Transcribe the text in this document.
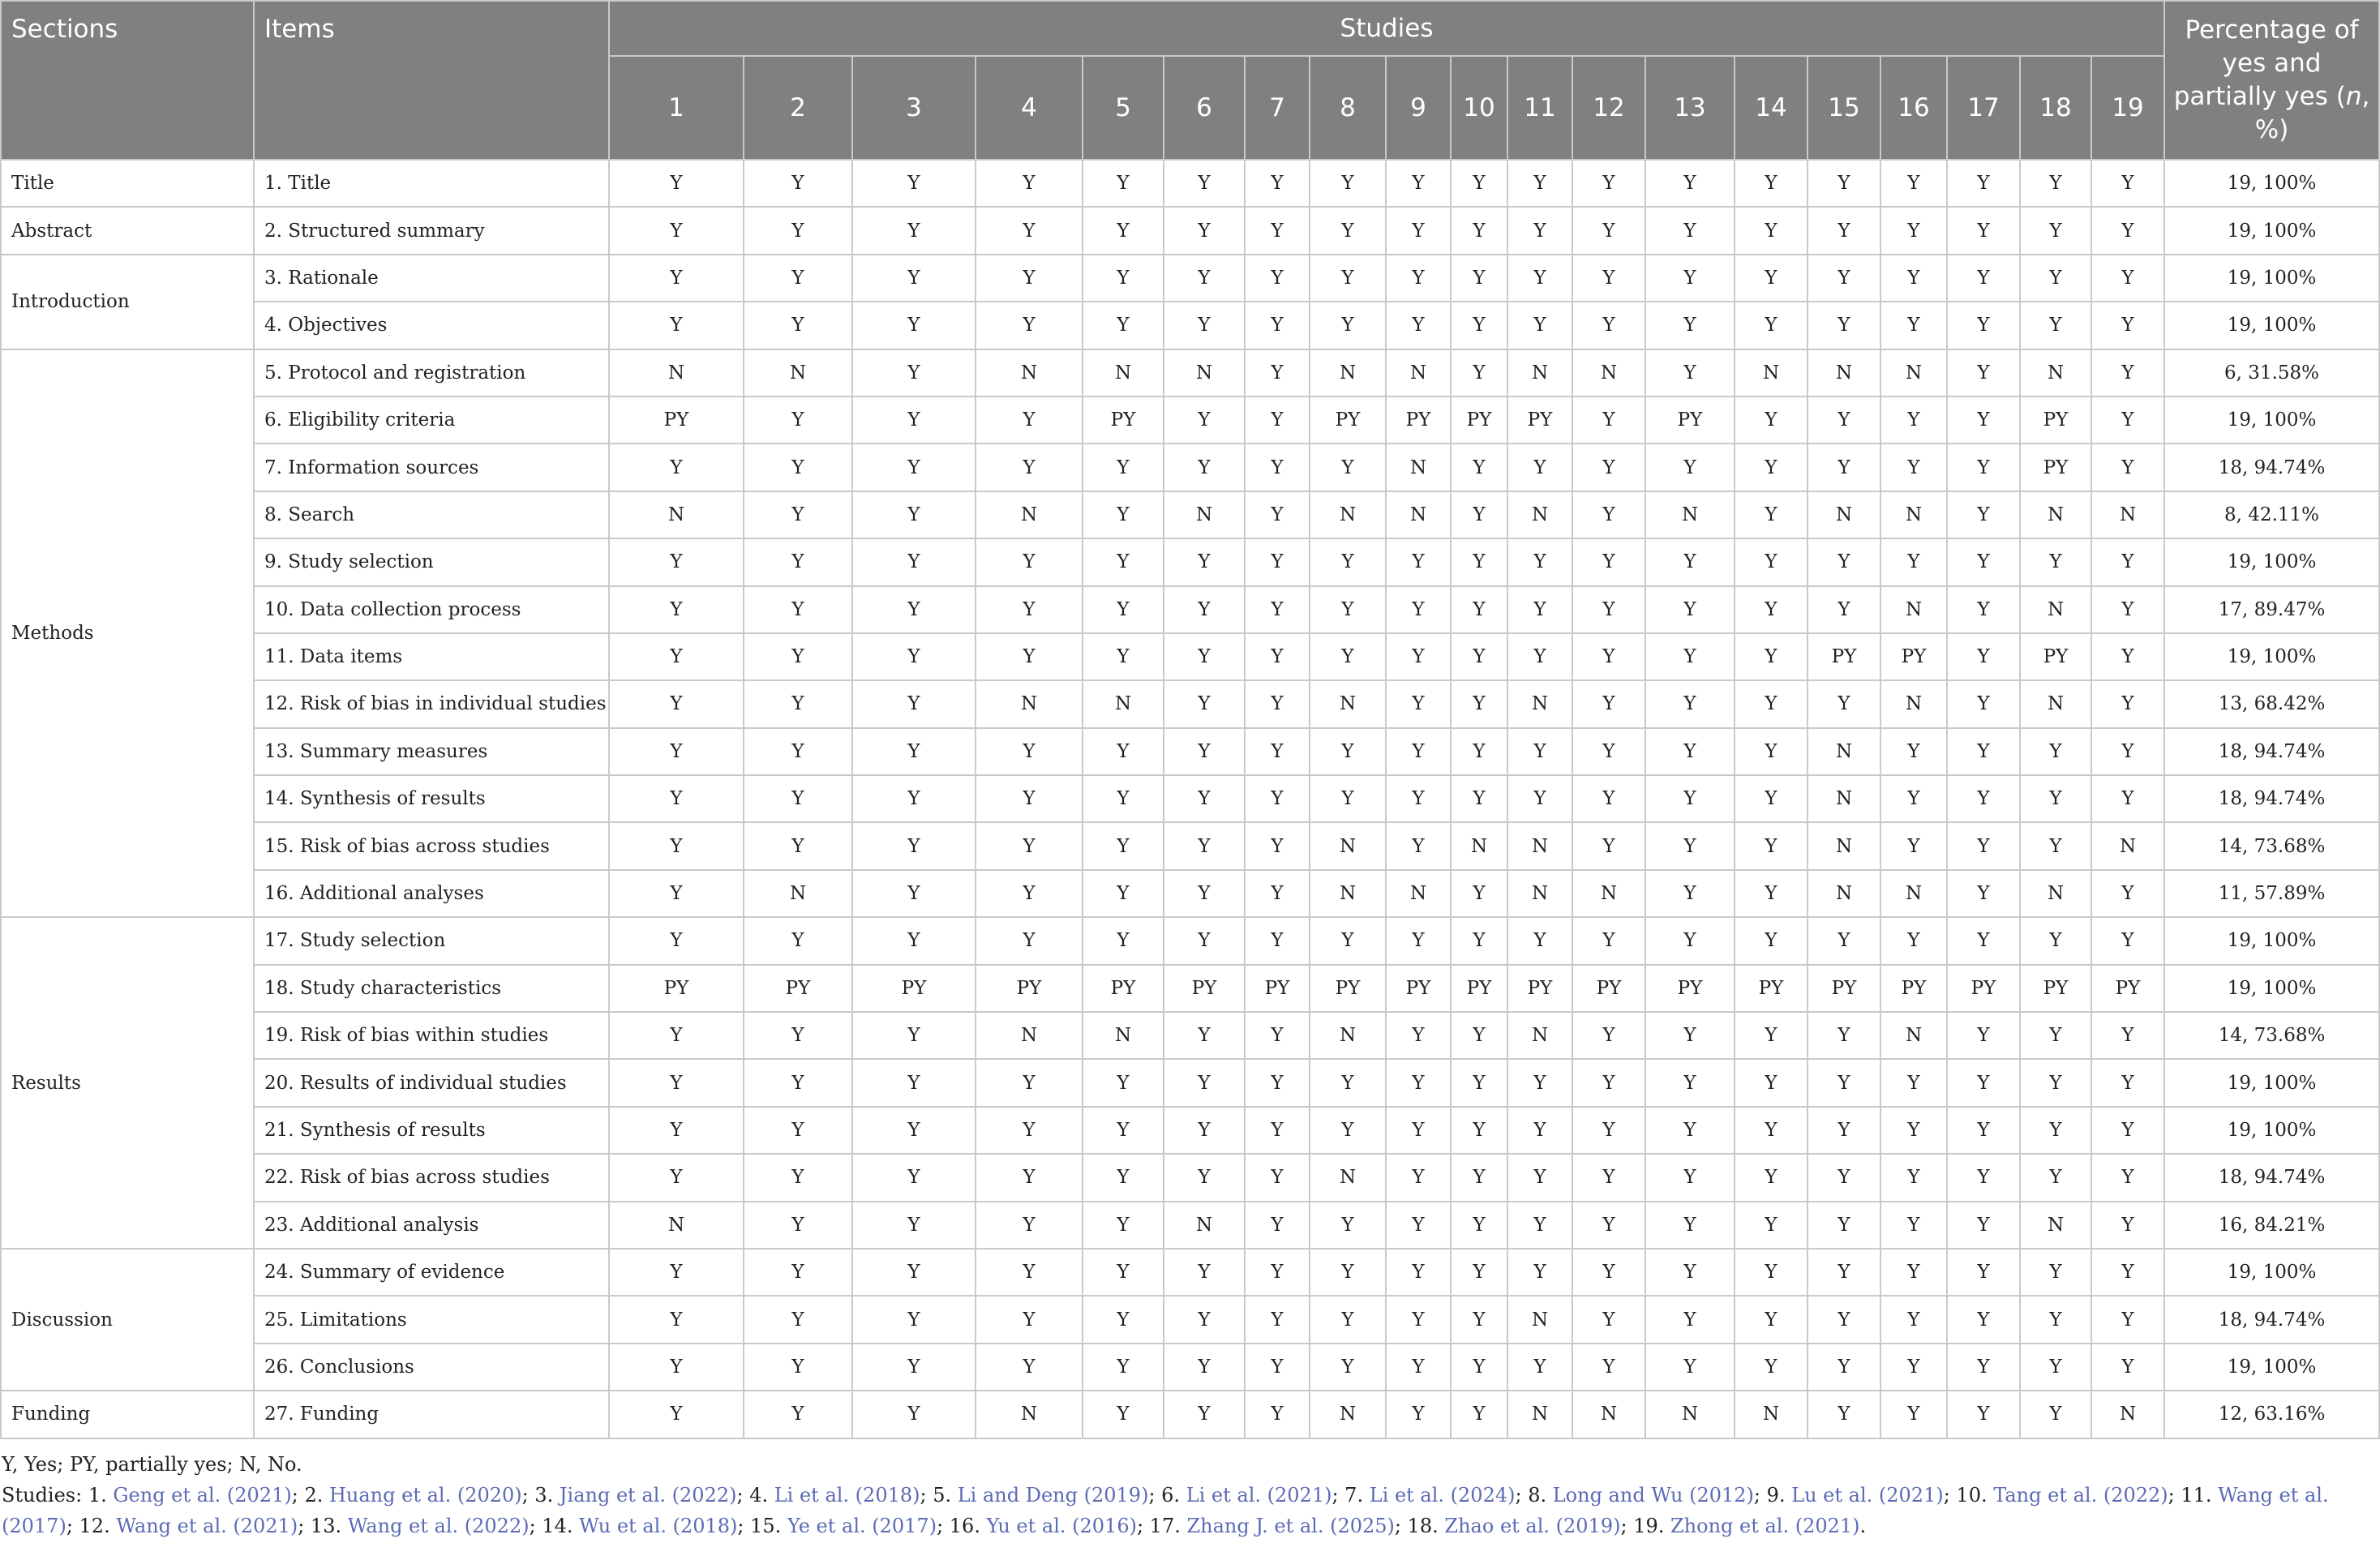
Sections	Items	Studies																			Percentage of yes and partially yes (n, %)
		1	2	3	4	5	6	7	8	9	10	11	12	13	14	15	16	17	18	19	
Title	1. Title	Y	Y	Y	Y	Y	Y	Y	Y	Y	Y	Y	Y	Y	Y	Y	Y	Y	Y	Y	19, 100%
Abstract	2. Structured summary	Y	Y	Y	Y	Y	Y	Y	Y	Y	Y	Y	Y	Y	Y	Y	Y	Y	Y	Y	19, 100%
Introduction	3. Rationale	Y	Y	Y	Y	Y	Y	Y	Y	Y	Y	Y	Y	Y	Y	Y	Y	Y	Y	Y	19, 100%
	4. Objectives	Y	Y	Y	Y	Y	Y	Y	Y	Y	Y	Y	Y	Y	Y	Y	Y	Y	Y	Y	19, 100%
Methods	5. Protocol and registration	N	N	Y	N	N	N	Y	N	N	Y	N	N	Y	N	N	N	Y	N	Y	6, 31.58%
	6. Eligibility criteria	PY	Y	Y	Y	PY	Y	Y	PY	PY	PY	PY	Y	PY	Y	Y	Y	Y	PY	Y	19, 100%
	7. Information sources	Y	Y	Y	Y	Y	Y	Y	Y	N	Y	Y	Y	Y	Y	Y	Y	Y	PY	Y	18, 94.74%
	8. Search	N	Y	Y	N	Y	N	Y	N	N	Y	N	Y	N	Y	N	N	Y	N	N	8, 42.11%
	9. Study selection	Y	Y	Y	Y	Y	Y	Y	Y	Y	Y	Y	Y	Y	Y	Y	Y	Y	Y	Y	19, 100%
	10. Data collection process	Y	Y	Y	Y	Y	Y	Y	Y	Y	Y	Y	Y	Y	Y	Y	N	Y	N	Y	17, 89.47%
	11. Data items	Y	Y	Y	Y	Y	Y	Y	Y	Y	Y	Y	Y	Y	Y	PY	PY	Y	PY	Y	19, 100%
	12. Risk of bias in individual studies	Y	Y	Y	N	N	Y	Y	N	Y	Y	N	Y	Y	Y	Y	N	Y	N	Y	13, 68.42%
	13. Summary measures	Y	Y	Y	Y	Y	Y	Y	Y	Y	Y	Y	Y	Y	Y	N	Y	Y	Y	Y	18, 94.74%
	14. Synthesis of results	Y	Y	Y	Y	Y	Y	Y	Y	Y	Y	Y	Y	Y	Y	N	Y	Y	Y	Y	18, 94.74%
	15. Risk of bias across studies	Y	Y	Y	Y	Y	Y	Y	N	Y	N	N	Y	Y	Y	N	Y	Y	Y	N	14, 73.68%
	16. Additional analyses	Y	N	Y	Y	Y	Y	Y	N	N	Y	N	N	Y	Y	N	N	Y	N	Y	11, 57.89%
Results	17. Study selection	Y	Y	Y	Y	Y	Y	Y	Y	Y	Y	Y	Y	Y	Y	Y	Y	Y	Y	Y	19, 100%
	18. Study characteristics	PY	PY	PY	PY	PY	PY	PY	PY	PY	PY	PY	PY	PY	PY	PY	PY	PY	PY	PY	19, 100%
	19. Risk of bias within studies	Y	Y	Y	N	N	Y	Y	N	Y	Y	N	Y	Y	Y	Y	N	Y	Y	Y	14, 73.68%
	20. Results of individual studies	Y	Y	Y	Y	Y	Y	Y	Y	Y	Y	Y	Y	Y	Y	Y	Y	Y	Y	Y	19, 100%
	21. Synthesis of results	Y	Y	Y	Y	Y	Y	Y	Y	Y	Y	Y	Y	Y	Y	Y	Y	Y	Y	Y	19, 100%
	22. Risk of bias across studies	Y	Y	Y	Y	Y	Y	Y	N	Y	Y	Y	Y	Y	Y	Y	Y	Y	Y	Y	18, 94.74%
	23. Additional analysis	N	Y	Y	Y	Y	N	Y	Y	Y	Y	Y	Y	Y	Y	Y	Y	Y	N	Y	16, 84.21%
Discussion	24. Summary of evidence	Y	Y	Y	Y	Y	Y	Y	Y	Y	Y	Y	Y	Y	Y	Y	Y	Y	Y	Y	19, 100%
	25. Limitations	Y	Y	Y	Y	Y	Y	Y	Y	Y	Y	N	Y	Y	Y	Y	Y	Y	Y	Y	18, 94.74%
	26. Conclusions	Y	Y	Y	Y	Y	Y	Y	Y	Y	Y	Y	Y	Y	Y	Y	Y	Y	Y	Y	19, 100%
Funding	27. Funding	Y	Y	Y	N	Y	Y	Y	N	Y	Y	N	N	N	N	Y	Y	Y	Y	N	12, 63.16%

Y, Yes; PY, partially yes; N, No.

Studies: 1. Geng et al. (2021); 2. Huang et al. (2020); 3. Jiang et al. (2022); 4. Li et al. (2018); 5. Li and Deng (2019); 6. Li et al. (2021); 7. Li et al. (2024); 8. Long and Wu (2012); 9. Lu et al. (2021); 10. Tang et al. (2022); 11. Wang et al. (2017); 12. Wang et al. (2021); 13. Wang et al. (2022); 14. Wu et al. (2018); 15. Ye et al. (2017); 16. Yu et al. (2016); 17. Zhang J. et al. (2025); 18. Zhao et al. (2019); 19. Zhong et al. (2021).
